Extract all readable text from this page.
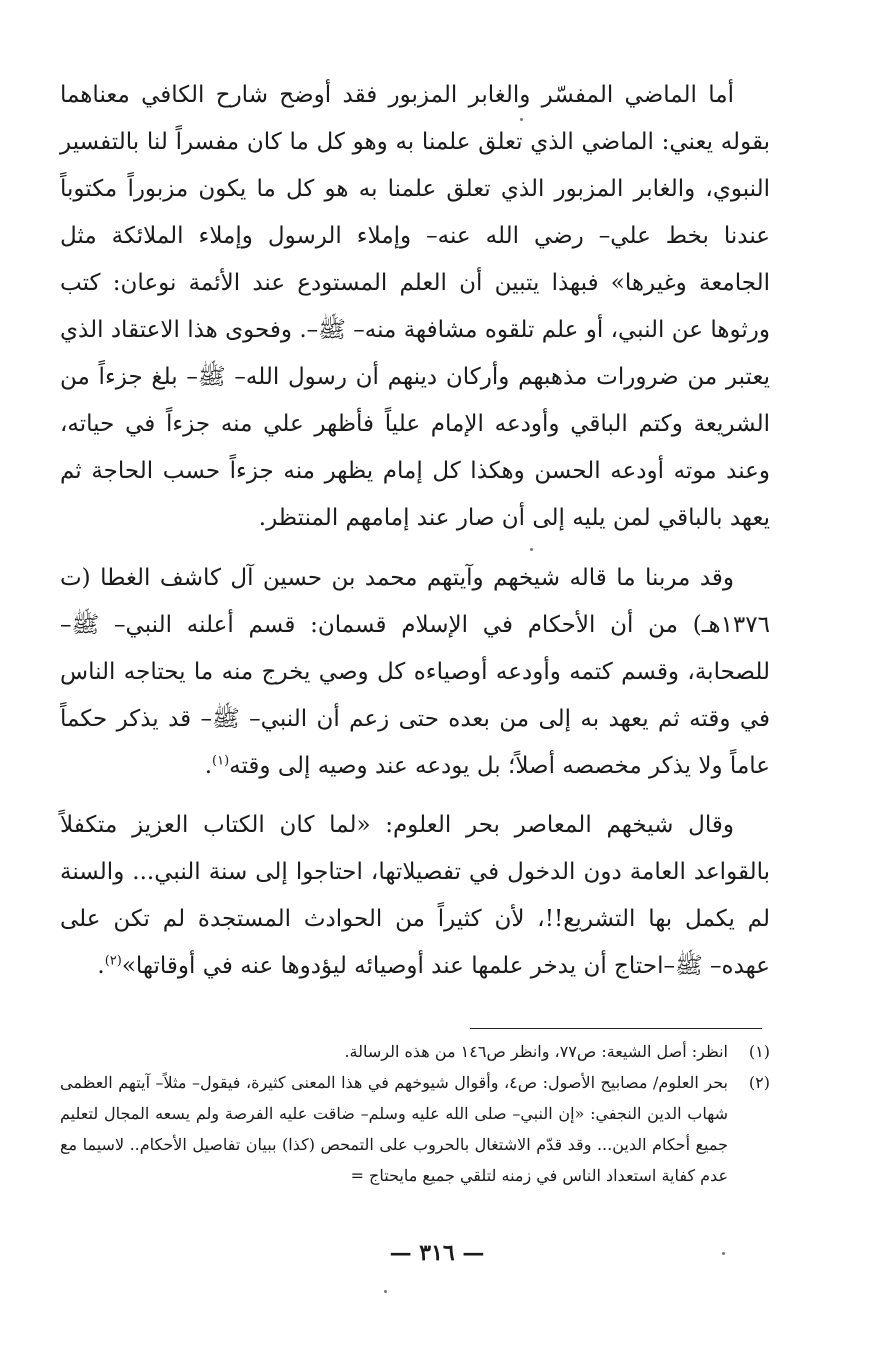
أما الماضي المفسّر والغابر المزبور فقد أوضح شارح الكافي معناهما بقوله يعني: الماضي الذي تعلق علمنا به وهو كل ما كان مفسراً لنا بالتفسير النبوي، والغابر المزبور الذي تعلق علمنا به هو كل ما يكون مزبوراً مكتوباً عندنا بخط علي– رضي الله عنه– وإملاء الرسول وإملاء الملائكة مثل الجامعة وغيرها» فبهذا يتبين أن العلم المستودع عند الأئمة نوعان: كتب ورثوها عن النبي، أو علم تلقوه مشافهة منه– ﷺ–. وفحوى هذا الاعتقاد الذي يعتبر من ضرورات مذهبهم وأركان دينهم أن رسول الله– ﷺ– بلغ جزءاً من الشريعة وكتم الباقي وأودعه الإمام علياً فأظهر علي منه جزءاً في حياته، وعند موته أودعه الحسن وهكذا كل إمام يظهر منه جزءاً حسب الحاجة ثم يعهد بالباقي لمن يليه إلى أن صار عند إمامهم المنتظر.

وقد مربنا ما قاله شيخهم وآيتهم محمد بن حسين آل كاشف الغطا (ت ١٣٧٦هـ) من أن الأحكام في الإسلام قسمان: قسم أعلنه النبي– ﷺ– للصحابة، وقسم كتمه وأودعه أوصياءه كل وصي يخرج منه ما يحتاجه الناس في وقته ثم يعهد به إلى من بعده حتى زعم أن النبي– ﷺ– قد يذكر حكماً عاماً ولا يذكر مخصصه أصلاً؛ بل يودعه عند وصيه إلى وقته$^{(١)}$.

وقال شيخهم المعاصر بحر العلوم: «لما كان الكتاب العزيز متكفلاً بالقواعد العامة دون الدخول في تفصيلاتها، احتاجوا إلى سنة النبي... والسنة لم يكمل بها التشريع!!، لأن كثيراً من الحوادث المستجدة لم تكن على عهده– ﷺ–احتاج أن يدخر علمها عند أوصيائه ليؤدوها عنه في أوقاتها»$^{(٢)}$.

(١)
انظر: أصل الشيعة: ص٧٧، وانظر ص١٤٦ من هذه الرسالة.
(٢)
بحر العلوم/ مصابيح الأصول: ص٤، وأقوال شيوخهم في هذا المعنى كثيرة، فيقول– مثلاً– آيتهم العظمى شهاب الدين النجفي: «إن النبي– صلى الله عليه وسلم– ضاقت عليه الفرصة ولم يسعه المجال لتعليم جميع أحكام الدين... وقد قدّم الاشتغال بالحروب على التمحص (كذا) ببيان تفاصيل الأحكام.. لاسيما مع عدم كفاية استعداد الناس في زمنه لتلقي جميع مايحتاج =
— ٣١٦ —
